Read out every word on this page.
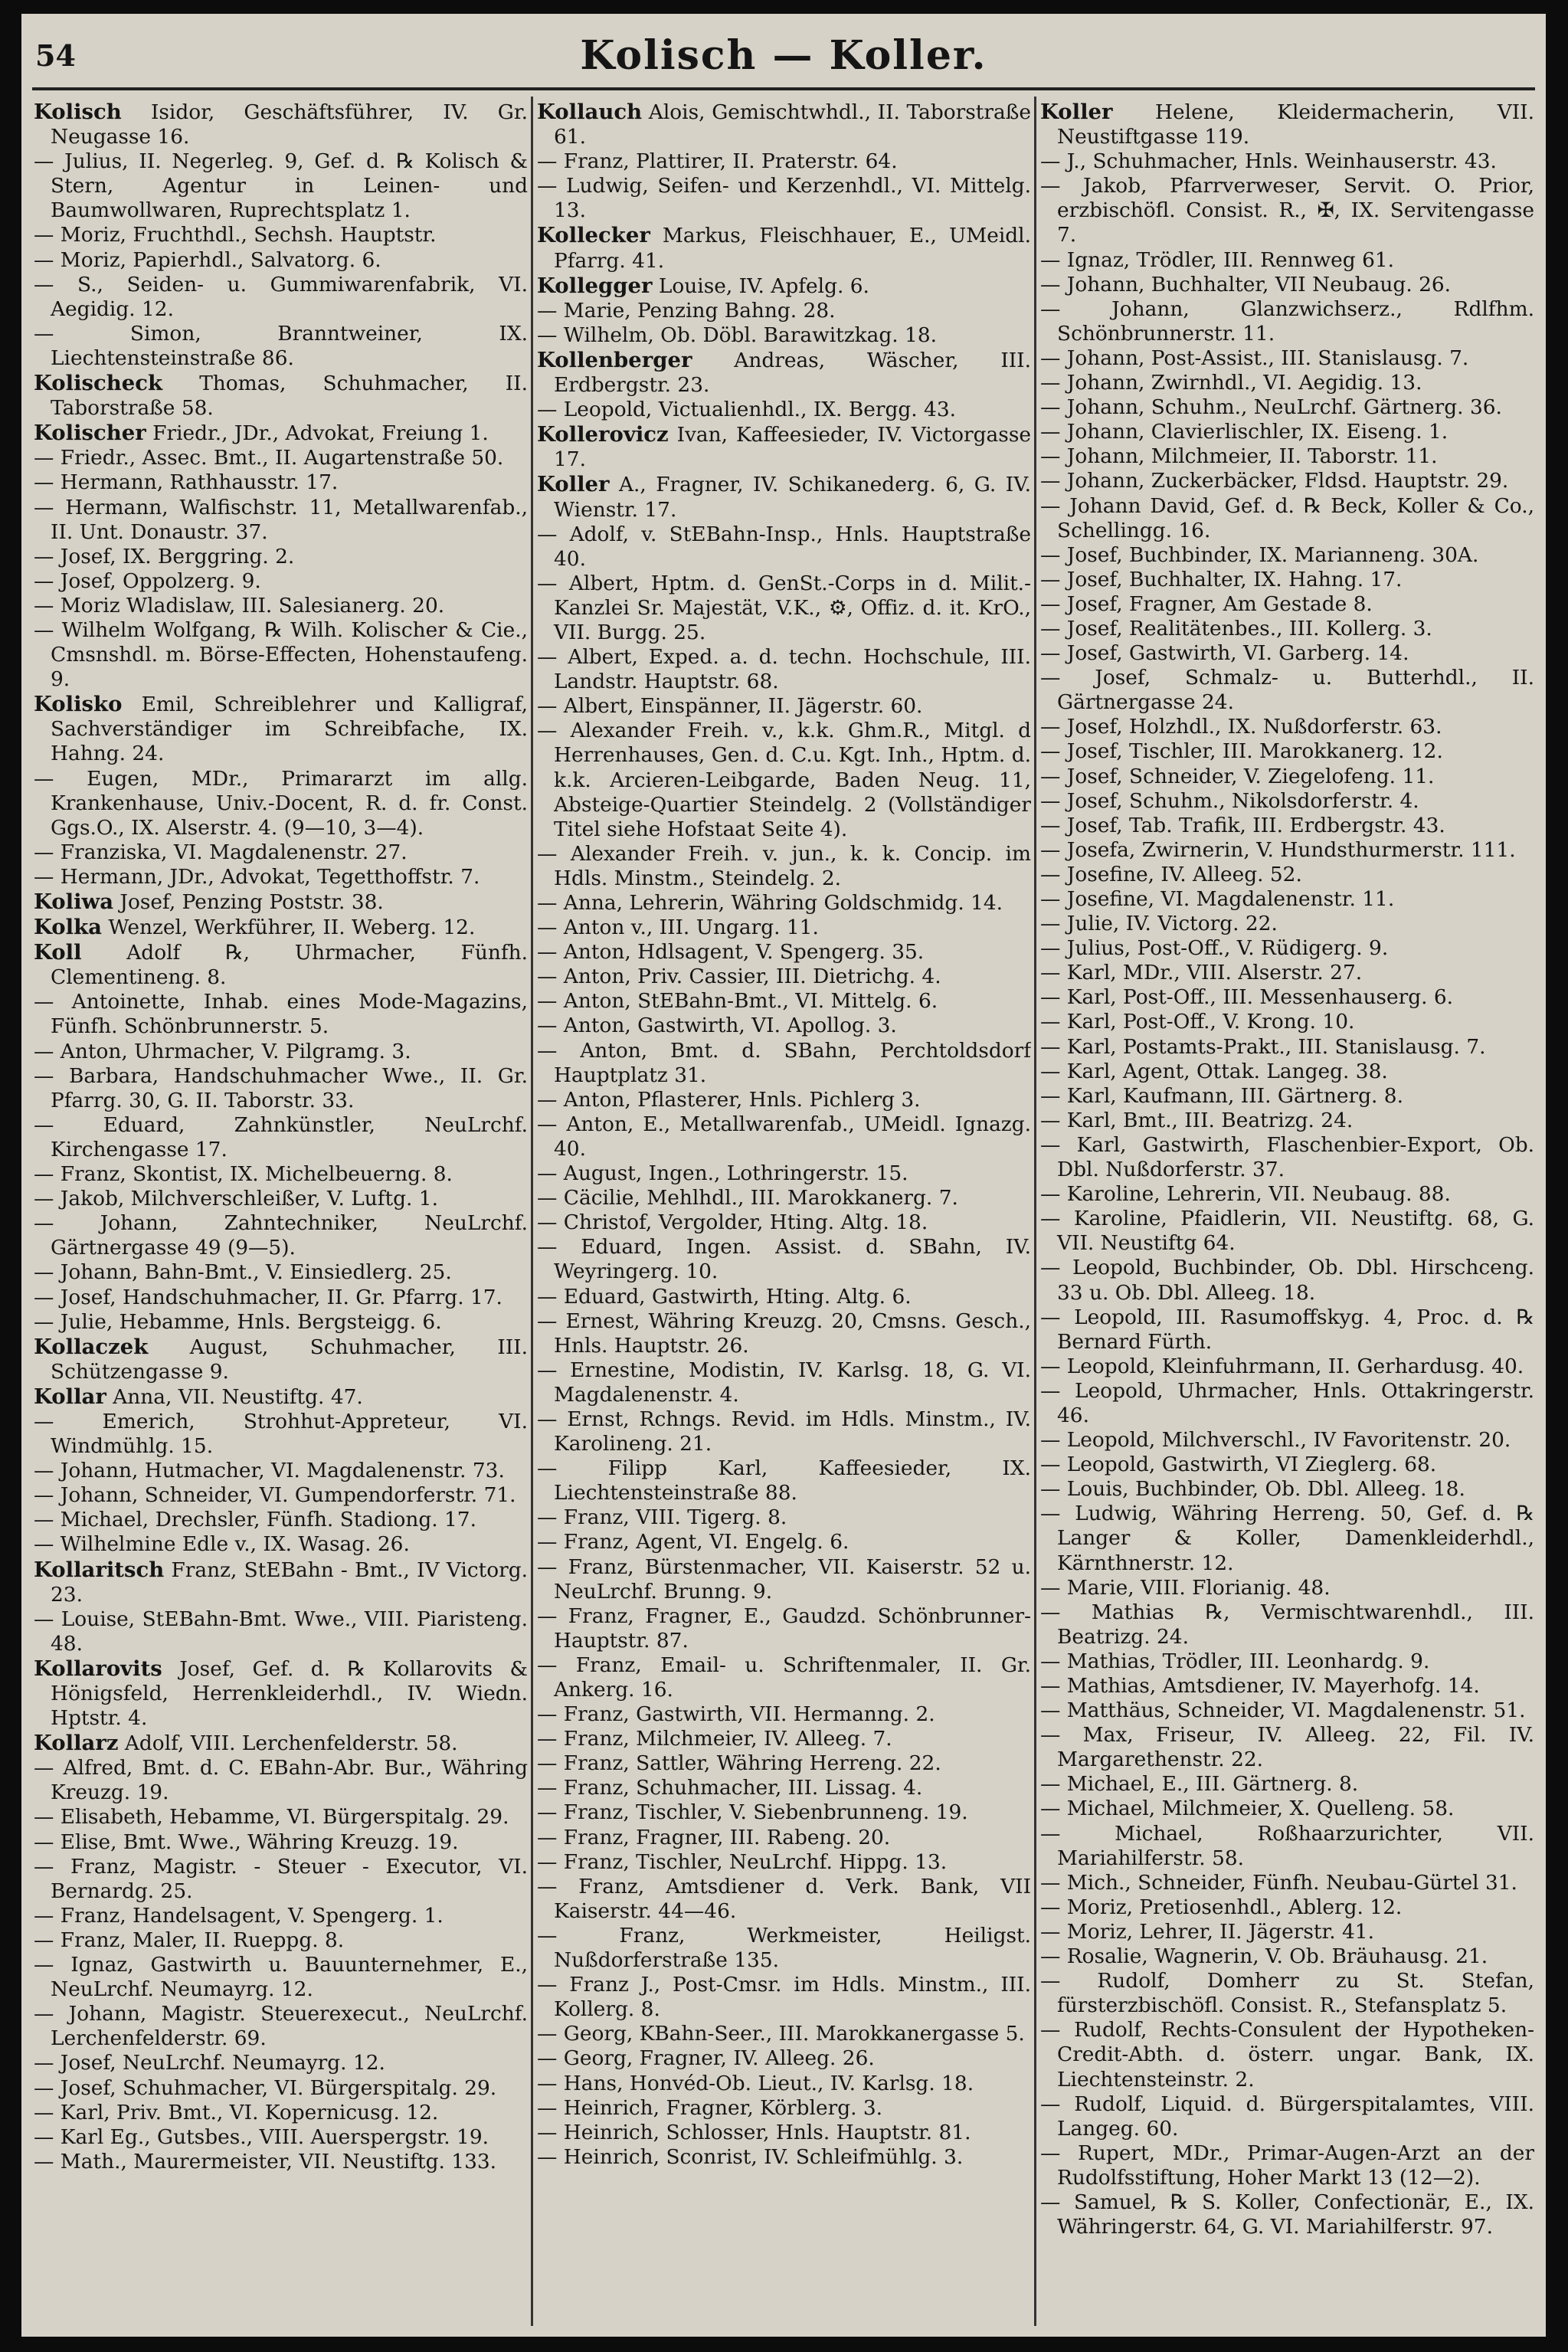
54	Kolisch — Koller.
Kolisch Isidor, Geschäftsführer, IV. Gr. Neugasse 16.
— Julius, II. Negerleg. 9, Gef. d. ℞ Kolisch & Stern, Agentur in Leinen- und Baumwollwaren, Ruprechtsplatz 1.
— Moriz, Fruchthdl., Sechsh. Hauptstr.
— Moriz, Papierhdl., Salvatorg. 6.
— S., Seiden- u. Gummiwarenfabrik, VI. Aegidig. 12.
— Simon, Branntweiner, IX. Liechtensteinstraße 86.
Kolischeck Thomas, Schuhmacher, II. Taborstraße 58.
Kolischer Friedr., JDr., Advokat, Freiung 1.
— Friedr., Assec. Bmt., II. Augartenstraße 50.
— Hermann, Rathhausstr. 17.
— Hermann, Walfischstr. 11, Metallwarenfab., II. Unt. Donaustr. 37.
— Josef, IX. Berggring. 2.
— Josef, Oppolzerg. 9.
— Moriz Wladislaw, III. Salesianerg. 20.
— Wilhelm Wolfgang, ℞ Wilh. Kolischer & Cie., Cmsnshdl. m. Börse-Effecten, Hohenstaufeng. 9.
Kolisko Emil, Schreiblehrer und Kalligraf, Sachverständiger im Schreibfache, IX. Hahng. 24.
— Eugen, MDr., Primararzt im allg. Krankenhause, Univ.-Docent, R. d. fr. Const. Ggs.O., IX. Alserstr. 4. (9—10, 3—4).
— Franziska, VI. Magdalenenstr. 27.
— Hermann, JDr., Advokat, Tegetthoffstr. 7.
Koliwa Josef, Penzing Poststr. 38.
Kolka Wenzel, Werkführer, II. Weberg. 12.
Koll Adolf ℞, Uhrmacher, Fünfh. Clementineng. 8.
— Antoinette, Inhab. eines Mode-Magazins, Fünfh. Schönbrunnerstr. 5.
— Anton, Uhrmacher, V. Pilgramg. 3.
— Barbara, Handschuhmacher Wwe., II. Gr. Pfarrg. 30, G. II. Taborstr. 33.
— Eduard, Zahnkünstler, NeuLrchf. Kirchengasse 17.
— Franz, Skontist, IX. Michelbeuerng. 8.
— Jakob, Milchverschleißer, V. Luftg. 1.
— Johann, Zahntechniker, NeuLrchf. Gärtnergasse 49 (9—5).
— Johann, Bahn-Bmt., V. Einsiedlerg. 25.
— Josef, Handschuhmacher, II. Gr. Pfarrg. 17.
— Julie, Hebamme, Hnls. Bergsteigg. 6.
Kollaczek August, Schuhmacher, III. Schützengasse 9.
Kollar Anna, VII. Neustiftg. 47.
— Emerich, Strohhut-Appreteur, VI. Windmühlg. 15.
— Johann, Hutmacher, VI. Magdalenenstr. 73.
— Johann, Schneider, VI. Gumpendorferstr. 71.
— Michael, Drechsler, Fünfh. Stadiong. 17.
— Wilhelmine Edle v., IX. Wasag. 26.
Kollaritsch Franz, StEBahn - Bmt., IV Victorg. 23.
— Louise, StEBahn-Bmt. Wwe., VIII. Piaristeng. 48.
Kollarovits Josef, Gef. d. ℞ Kollarovits & Hönigsfeld, Herrenkleiderhdl., IV. Wiedn. Hptstr. 4.
Kollarz Adolf, VIII. Lerchenfelderstr. 58.
— Alfred, Bmt. d. C. EBahn-Abr. Bur., Währing Kreuzg. 19.
— Elisabeth, Hebamme, VI. Bürgerspitalg. 29.
— Elise, Bmt. Wwe., Währing Kreuzg. 19.
— Franz, Magistr. - Steuer - Executor, VI. Bernardg. 25.
— Franz, Handelsagent, V. Spengerg. 1.
— Franz, Maler, II. Rueppg. 8.
— Ignaz, Gastwirth u. Bauunternehmer, E., NeuLrchf. Neumayrg. 12.
— Johann, Magistr. Steuerexecut., NeuLrchf. Lerchenfelderstr. 69.
— Josef, NeuLrchf. Neumayrg. 12.
— Josef, Schuhmacher, VI. Bürgerspitalg. 29.
— Karl, Priv. Bmt., VI. Kopernicusg. 12.
— Karl Eg., Gutsbes., VIII. Auerspergstr. 19.
— Math., Maurermeister, VII. Neustiftg. 133.
Kollauch Alois, Gemischtwhdl., II. Taborstraße 61.
— Franz, Plattirer, II. Praterstr. 64.
— Ludwig, Seifen- und Kerzenhdl., VI. Mittelg. 13.
Kollecker Markus, Fleischhauer, E., UMeidl. Pfarrg. 41.
Kollegger Louise, IV. Apfelg. 6.
— Marie, Penzing Bahng. 28.
— Wilhelm, Ob. Döbl. Barawitzkag. 18.
Kollenberger Andreas, Wäscher, III. Erdbergstr. 23.
— Leopold, Victualienhdl., IX. Bergg. 43.
Kollerovicz Ivan, Kaffeesieder, IV. Victorgasse 17.
Koller A., Fragner, IV. Schikanederg. 6, G. IV. Wienstr. 17.
— Adolf, v. StEBahn-Insp., Hnls. Hauptstraße 40.
— Albert, Hptm. d. GenSt.-Corps in d. Milit.-Kanzlei Sr. Majestät, V.K., ⚙, Offiz. d. it. KrO., VII. Burgg. 25.
— Albert, Exped. a. d. techn. Hochschule, III. Landstr. Hauptstr. 68.
— Albert, Einspänner, II. Jägerstr. 60.
— Alexander Freih. v., k.k. Ghm.R., Mitgl. d Herrenhauses, Gen. d. C.u. Kgt. Inh., Hptm. d. k.k. Arcieren-Leibgarde, Baden Neug. 11, Absteige-Quartier Steindelg. 2 (Vollständiger Titel siehe Hofstaat Seite 4).
— Alexander Freih. v. jun., k. k. Concip. im Hdls. Minstm., Steindelg. 2.
— Anna, Lehrerin, Währing Goldschmidg. 14.
— Anton v., III. Ungarg. 11.
— Anton, Hdlsagent, V. Spengerg. 35.
— Anton, Priv. Cassier, III. Dietrichg. 4.
— Anton, StEBahn-Bmt., VI. Mittelg. 6.
— Anton, Gastwirth, VI. Apollog. 3.
— Anton, Bmt. d. SBahn, Perchtoldsdorf Hauptplatz 31.
— Anton, Pflasterer, Hnls. Pichlerg 3.
— Anton, E., Metallwarenfab., UMeidl. Ignazg. 40.
— August, Ingen., Lothringerstr. 15.
— Cäcilie, Mehlhdl., III. Marokkanerg. 7.
— Christof, Vergolder, Hting. Altg. 18.
— Eduard, Ingen. Assist. d. SBahn, IV. Weyringerg. 10.
— Eduard, Gastwirth, Hting. Altg. 6.
— Ernest, Währing Kreuzg. 20, Cmsns. Gesch., Hnls. Hauptstr. 26.
— Ernestine, Modistin, IV. Karlsg. 18, G. VI. Magdalenenstr. 4.
— Ernst, Rchngs. Revid. im Hdls. Minstm., IV. Karolineng. 21.
— Filipp Karl, Kaffeesieder, IX. Liechtensteinstraße 88.
— Franz, VIII. Tigerg. 8.
— Franz, Agent, VI. Engelg. 6.
— Franz, Bürstenmacher, VII. Kaiserstr. 52 u. NeuLrchf. Brunng. 9.
— Franz, Fragner, E., Gaudzd. Schönbrunner-Hauptstr. 87.
— Franz, Email- u. Schriftenmaler, II. Gr. Ankerg. 16.
— Franz, Gastwirth, VII. Hermanng. 2.
— Franz, Milchmeier, IV. Alleeg. 7.
— Franz, Sattler, Währing Herreng. 22.
— Franz, Schuhmacher, III. Lissag. 4.
— Franz, Tischler, V. Siebenbrunneng. 19.
— Franz, Fragner, III. Rabeng. 20.
— Franz, Tischler, NeuLrchf. Hippg. 13.
— Franz, Amtsdiener d. Verk. Bank, VII Kaiserstr. 44—46.
— Franz, Werkmeister, Heiligst. Nußdorferstraße 135.
— Franz J., Post-Cmsr. im Hdls. Minstm., III. Kollerg. 8.
— Georg, KBahn-Seer., III. Marokkanergasse 5.
— Georg, Fragner, IV. Alleeg. 26.
— Hans, Honvéd-Ob. Lieut., IV. Karlsg. 18.
— Heinrich, Fragner, Körblerg. 3.
— Heinrich, Schlosser, Hnls. Hauptstr. 81.
— Heinrich, Sconrist, IV. Schleifmühlg. 3.
Koller Helene, Kleidermacherin, VII. Neustiftgasse 119.
— J., Schuhmacher, Hnls. Weinhauserstr. 43.
— Jakob, Pfarrverweser, Servit. O. Prior, erzbischöfl. Consist. R., ✠, IX. Servitengasse 7.
— Ignaz, Trödler, III. Rennweg 61.
— Johann, Buchhalter, VII Neubaug. 26.
— Johann, Glanzwichserz., Rdlfhm. Schönbrunnerstr. 11.
— Johann, Post-Assist., III. Stanislausg. 7.
— Johann, Zwirnhdl., VI. Aegidig. 13.
— Johann, Schuhm., NeuLrchf. Gärtnerg. 36.
— Johann, Clavierlischler, IX. Eiseng. 1.
— Johann, Milchmeier, II. Taborstr. 11.
— Johann, Zuckerbäcker, Fldsd. Hauptstr. 29.
— Johann David, Gef. d. ℞ Beck, Koller & Co., Schellingg. 16.
— Josef, Buchbinder, IX. Marianneng. 30A.
— Josef, Buchhalter, IX. Hahng. 17.
— Josef, Fragner, Am Gestade 8.
— Josef, Realitätenbes., III. Kollerg. 3.
— Josef, Gastwirth, VI. Garberg. 14.
— Josef, Schmalz- u. Butterhdl., II. Gärtnergasse 24.
— Josef, Holzhdl., IX. Nußdorferstr. 63.
— Josef, Tischler, III. Marokkanerg. 12.
— Josef, Schneider, V. Ziegelofeng. 11.
— Josef, Schuhm., Nikolsdorferstr. 4.
— Josef, Tab. Trafik, III. Erdbergstr. 43.
— Josefa, Zwirnerin, V. Hundsthurmerstr. 111.
— Josefine, IV. Alleeg. 52.
— Josefine, VI. Magdalenenstr. 11.
— Julie, IV. Victorg. 22.
— Julius, Post-Off., V. Rüdigerg. 9.
— Karl, MDr., VIII. Alserstr. 27.
— Karl, Post-Off., III. Messenhauserg. 6.
— Karl, Post-Off., V. Krong. 10.
— Karl, Postamts-Prakt., III. Stanislausg. 7.
— Karl, Agent, Ottak. Langeg. 38.
— Karl, Kaufmann, III. Gärtnerg. 8.
— Karl, Bmt., III. Beatrizg. 24.
— Karl, Gastwirth, Flaschenbier-Export, Ob. Dbl. Nußdorferstr. 37.
— Karoline, Lehrerin, VII. Neubaug. 88.
— Karoline, Pfaidlerin, VII. Neustiftg. 68, G. VII. Neustiftg 64.
— Leopold, Buchbinder, Ob. Dbl. Hirschceng. 33 u. Ob. Dbl. Alleeg. 18.
— Leopold, III. Rasumoffskyg. 4, Proc. d. ℞ Bernard Fürth.
— Leopold, Kleinfuhrmann, II. Gerhardusg. 40.
— Leopold, Uhrmacher, Hnls. Ottakringerstr. 46.
— Leopold, Milchverschl., IV Favoritenstr. 20.
— Leopold, Gastwirth, VI Zieglerg. 68.
— Louis, Buchbinder, Ob. Dbl. Alleeg. 18.
— Ludwig, Währing Herreng. 50, Gef. d. ℞ Langer & Koller, Damenkleiderhdl., Kärnthnerstr. 12.
— Marie, VIII. Florianig. 48.
— Mathias ℞, Vermischtwarenhdl., III. Beatrizg. 24.
— Mathias, Trödler, III. Leonhardg. 9.
— Mathias, Amtsdiener, IV. Mayerhofg. 14.
— Matthäus, Schneider, VI. Magdalenenstr. 51.
— Max, Friseur, IV. Alleeg. 22, Fil. IV. Margarethenstr. 22.
— Michael, E., III. Gärtnerg. 8.
— Michael, Milchmeier, X. Quelleng. 58.
— Michael, Roßhaarzurichter, VII. Mariahilferstr. 58.
— Mich., Schneider, Fünfh. Neubau-Gürtel 31.
— Moriz, Pretiosenhdl., Ablerg. 12.
— Moriz, Lehrer, II. Jägerstr. 41.
— Rosalie, Wagnerin, V. Ob. Bräuhausg. 21.
— Rudolf, Domherr zu St. Stefan, fürsterzbischöfl. Consist. R., Stefansplatz 5.
— Rudolf, Rechts-Consulent der Hypotheken-Credit-Abth. d. österr. ungar. Bank, IX. Liechtensteinstr. 2.
— Rudolf, Liquid. d. Bürgerspitalamtes, VIII. Langeg. 60.
— Rupert, MDr., Primar-Augen-Arzt an der Rudolfsstiftung, Hoher Markt 13 (12—2).
— Samuel, ℞ S. Koller, Confectionär, E., IX. Währingerstr. 64, G. VI. Mariahilferstr. 97.
